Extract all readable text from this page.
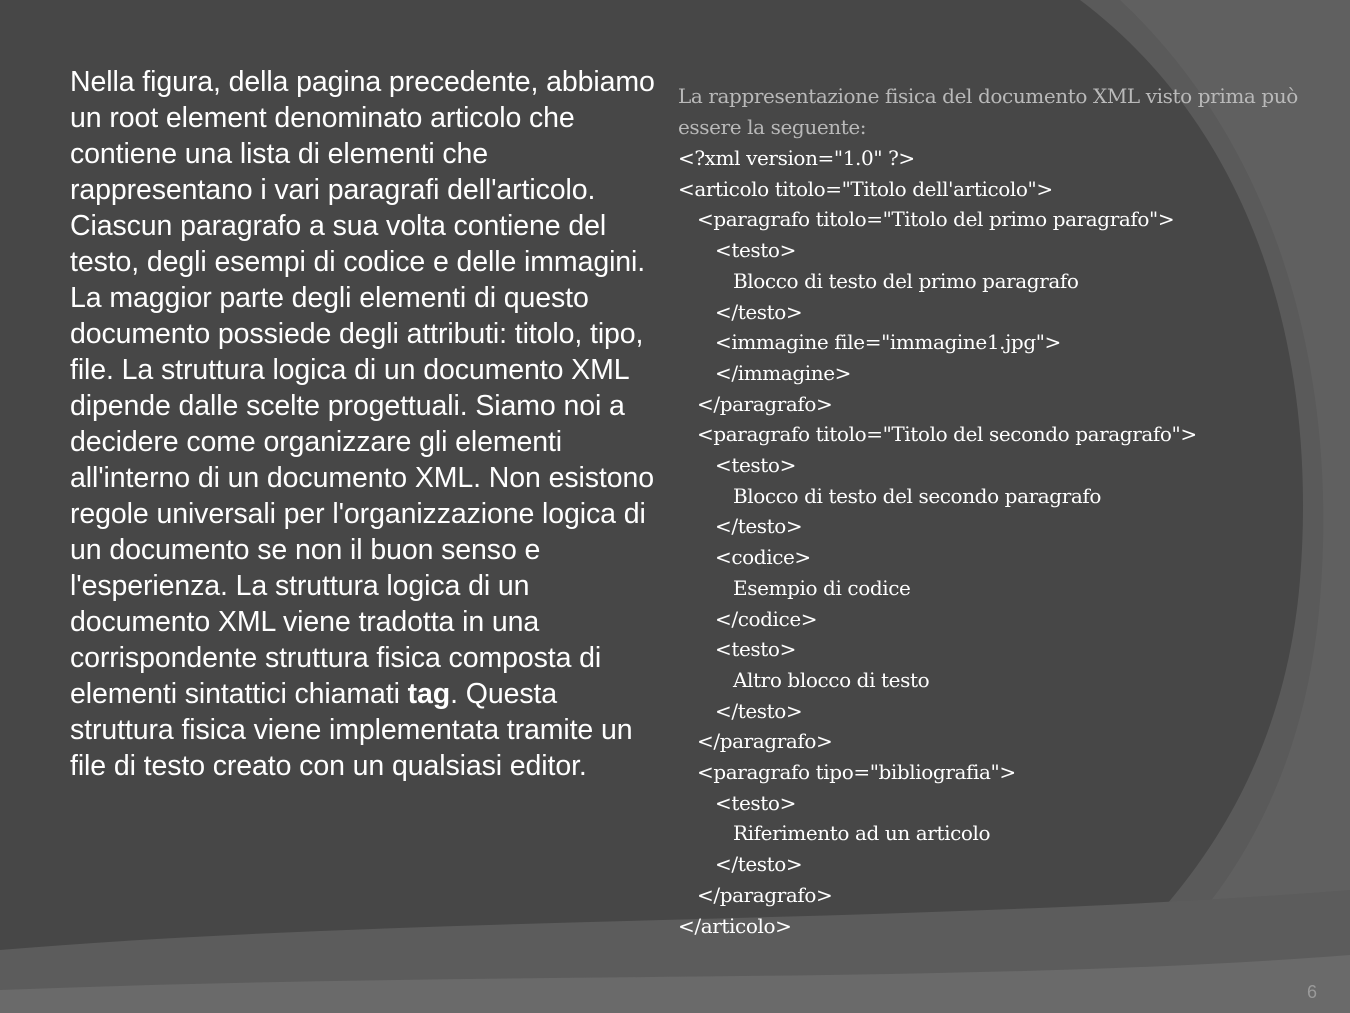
Nella figura, della pagina precedente, abbiamo un root element denominato articolo che contiene una lista di elementi che rappresentano i vari paragrafi dell'articolo. Ciascun paragrafo a sua volta contiene del testo, degli esempi di codice e delle immagini. La maggior parte degli elementi di questo documento possiede degli attributi: titolo, tipo, file. La struttura logica di un documento XML dipende dalle scelte progettuali. Siamo noi a decidere come organizzare gli elementi all'interno di un documento XML. Non esistono regole universali per l'organizzazione logica di un documento se non il buon senso e l'esperienza. La struttura logica di un documento XML viene tradotta in una corrispondente struttura fisica composta di elementi sintattici chiamati tag. Questa struttura fisica viene implementata tramite un file di testo creato con un qualsiasi editor.

La rappresentazione fisica del documento XML visto prima può essere la seguente:

<?xml version="1.0" ?>
<articolo titolo="Titolo dell'articolo">
<paragrafo titolo="Titolo del primo paragrafo">
<testo>
Blocco di testo del primo paragrafo
</testo>
<immagine file="immagine1.jpg">
</immagine>
</paragrafo>
<paragrafo titolo="Titolo del secondo paragrafo">
<testo>
Blocco di testo del secondo paragrafo
</testo>
<codice>
Esempio di codice
</codice>
<testo>
Altro blocco di testo
</testo>
</paragrafo>
<paragrafo tipo="bibliografia">
<testo>
Riferimento ad un articolo
</testo>
</paragrafo>
</articolo>
6
